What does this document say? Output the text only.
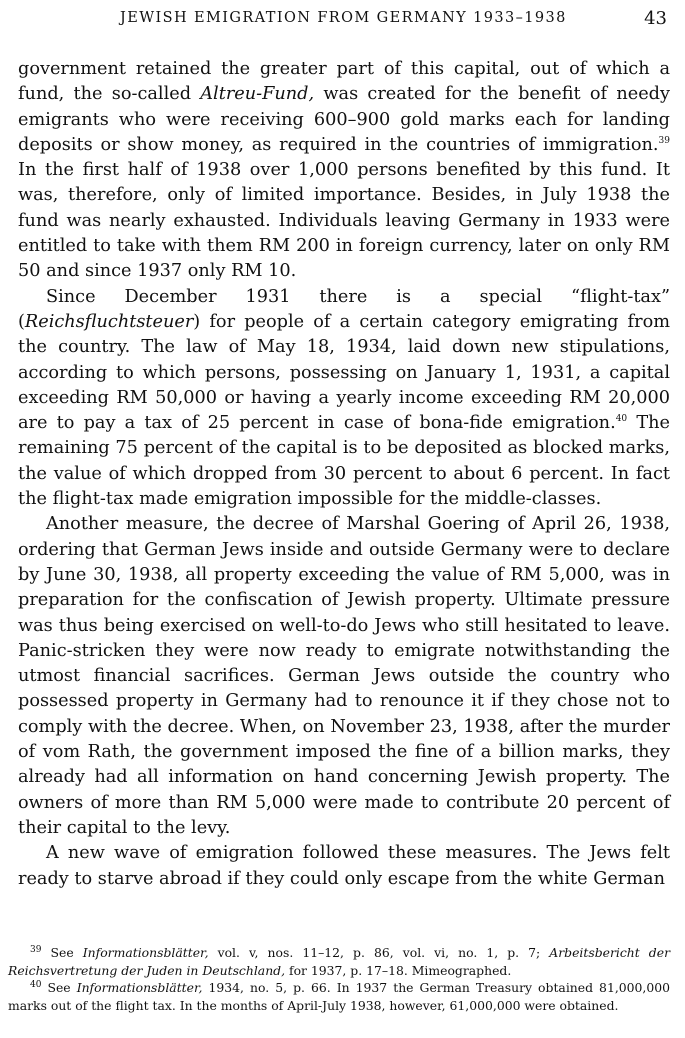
JEWISH EMIGRATION FROM GERMANY 1933–1938	43

government retained the greater part of this capital, out of which a fund, the so-called Altreu-Fund, was created for the benefit of needy emigrants who were receiving 600–900 gold marks each for landing deposits or show money, as required in the countries of immigration.$^{39}$ In the first half of 1938 over 1,000 persons benefited by this fund. It was, therefore, only of limited importance. Besides, in July 1938 the fund was nearly exhausted. Individuals leaving Germany in 1933 were entitled to take with them RM 200 in foreign currency, later on only RM 50 and since 1937 only RM 10.

Since December 1931 there is a special “flight-tax” (Reichsfluchtsteuer) for people of a certain category emigrating from the country. The law of May 18, 1934, laid down new stipulations, according to which persons, possessing on January 1, 1931, a capital exceeding RM 50,000 or having a yearly income exceeding RM 20,000 are to pay a tax of 25 percent in case of bona-fide emigration.$^{40}$ The remaining 75 percent of the capital is to be deposited as blocked marks, the value of which dropped from 30 percent to about 6 percent. In fact the flight-tax made emigration impossible for the middle-classes.

Another measure, the decree of Marshal Goering of April 26, 1938, ordering that German Jews inside and outside Germany were to declare by June 30, 1938, all property exceeding the value of RM 5,000, was in preparation for the confiscation of Jewish property. Ultimate pressure was thus being exercised on well-to-do Jews who still hesitated to leave. Panic-stricken they were now ready to emigrate notwithstanding the utmost financial sacrifices. German Jews outside the country who possessed property in Germany had to renounce it if they chose not to comply with the decree. When, on November 23, 1938, after the murder of vom Rath, the government imposed the fine of a billion marks, they already had all information on hand concerning Jewish property. The owners of more than RM 5,000 were made to contribute 20 percent of their capital to the levy.

A new wave of emigration followed these measures. The Jews felt ready to starve abroad if they could only escape from the white German

$^{39}$ See Informationsblätter, vol. v, nos. 11–12, p. 86, vol. vi, no. 1, p. 7; Arbeitsbericht der Reichsvertretung der Juden in Deutschland, for 1937, p. 17–18. Mimeographed.

$^{40}$ See Informationsblätter, 1934, no. 5, p. 66. In 1937 the German Treasury obtained 81,000,000 marks out of the flight tax. In the months of April-July 1938, however, 61,000,000 were obtained.
